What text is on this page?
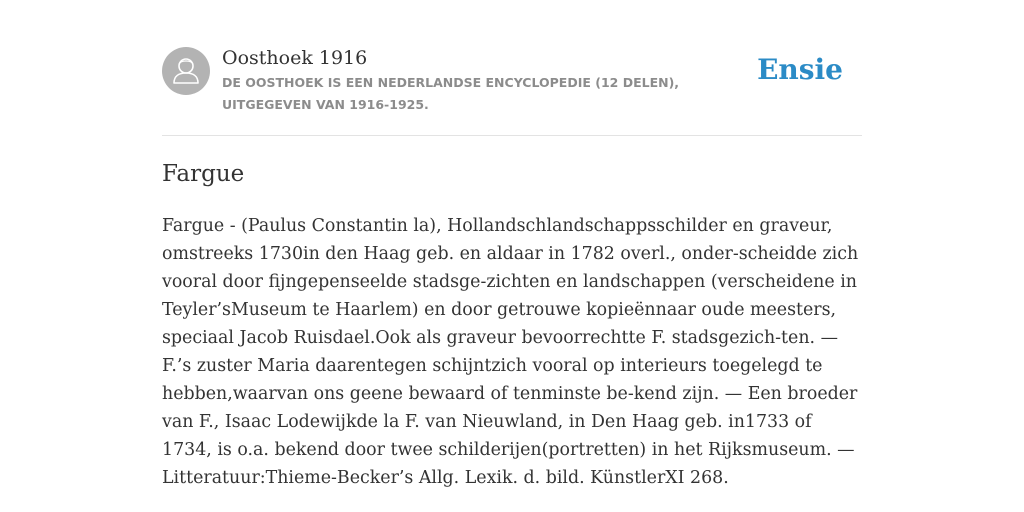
Oosthoek 1916
DE OOSTHOEK IS EEN NEDERLANDSE ENCYCLOPEDIE (12 DELEN), UITGEGEVEN VAN 1916-1925.
Ensie
Fargue

Fargue - (Paulus Constantin la), Hollandschlandschappsschilder en graveur, omstreeks 1730in den Haag geb. en aldaar in 1782 overl., onder-scheidde zich vooral door fijngepenseelde stadsge-zichten en landschappen (verscheidene in Teyler’sMuseum te Haarlem) en door getrouwe kopieënnaar oude meesters, speciaal Jacob Ruisdael.Ook als graveur bevoorrechtte F. stadsgezich-ten. — F.’s zuster Maria daarentegen schijntzich vooral op interieurs toegelegd te hebben,waarvan ons geene bewaard of tenminste be-kend zijn. — Een broeder van F., Isaac Lodewijkde la F. van Nieuwland, in Den Haag geb. in1733 of 1734, is o.a. bekend door twee schilderijen(portretten) in het Rijksmuseum. — Litteratuur:Thieme-Becker’s Allg. Lexik. d. bild. KünstlerXI 268.
